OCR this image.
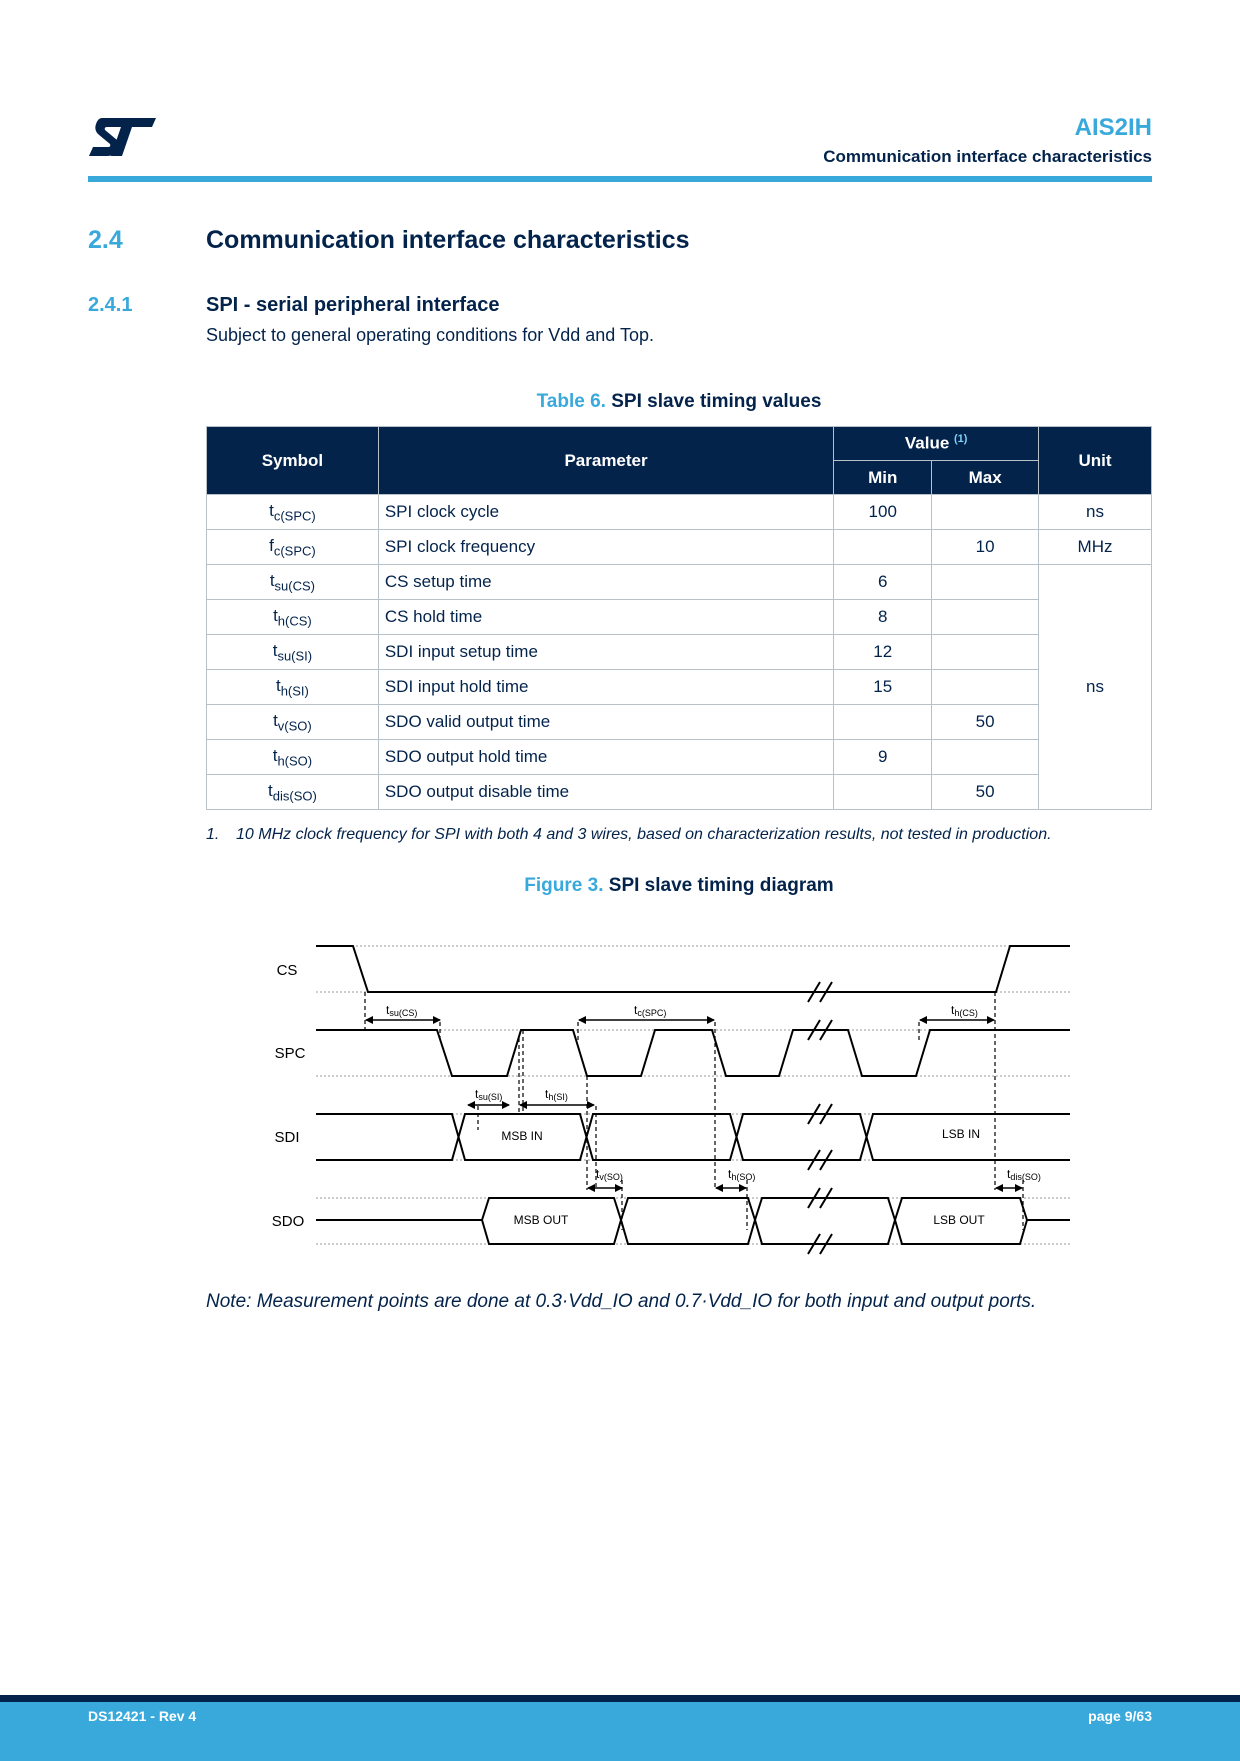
AIS2IH
Communication interface characteristics
2.4	Communication interface characteristics
2.4.1	SPI - serial peripheral interface
Subject to general operating conditions for Vdd and Top.
Table 6. SPI slave timing values
Symbol	Parameter	Value $^{(1)}$		Unit
		Min	Max	
$t_{c(SPC)}$	SPI clock cycle	100		ns
$f_{c(SPC)}$	SPI clock frequency		10	MHz
$t_{su(CS)}$	CS setup time	6		ns
$t_{h(CS)}$	CS hold time	8		
$t_{su(SI)}$	SDI input setup time	12		
$t_{h(SI)}$	SDI input hold time	15		
$t_{v(SO)}$	SDO valid output time		50	
$t_{h(SO)}$	SDO output hold time	9		
$t_{dis(SO)}$	SDO output disable time		50	
1. 10 MHz clock frequency for SPI with both 4 and 3 wires, based on characterization results, not tested in production.
Figure 3. SPI slave timing diagram
CS
SPC
SDI
SDO
tsu(CS)	tc(SPC)	th(CS)
tsu(SI)	th(SI)
tv(SO)	th(SO)	tdis(SO)
MSB IN	LSB IN
MSB OUT	LSB OUT
Note: Measurement points are done at 0.3·Vdd_IO and 0.7·Vdd_IO for both input and output ports.
DS12421 - Rev 4	page 9/63
